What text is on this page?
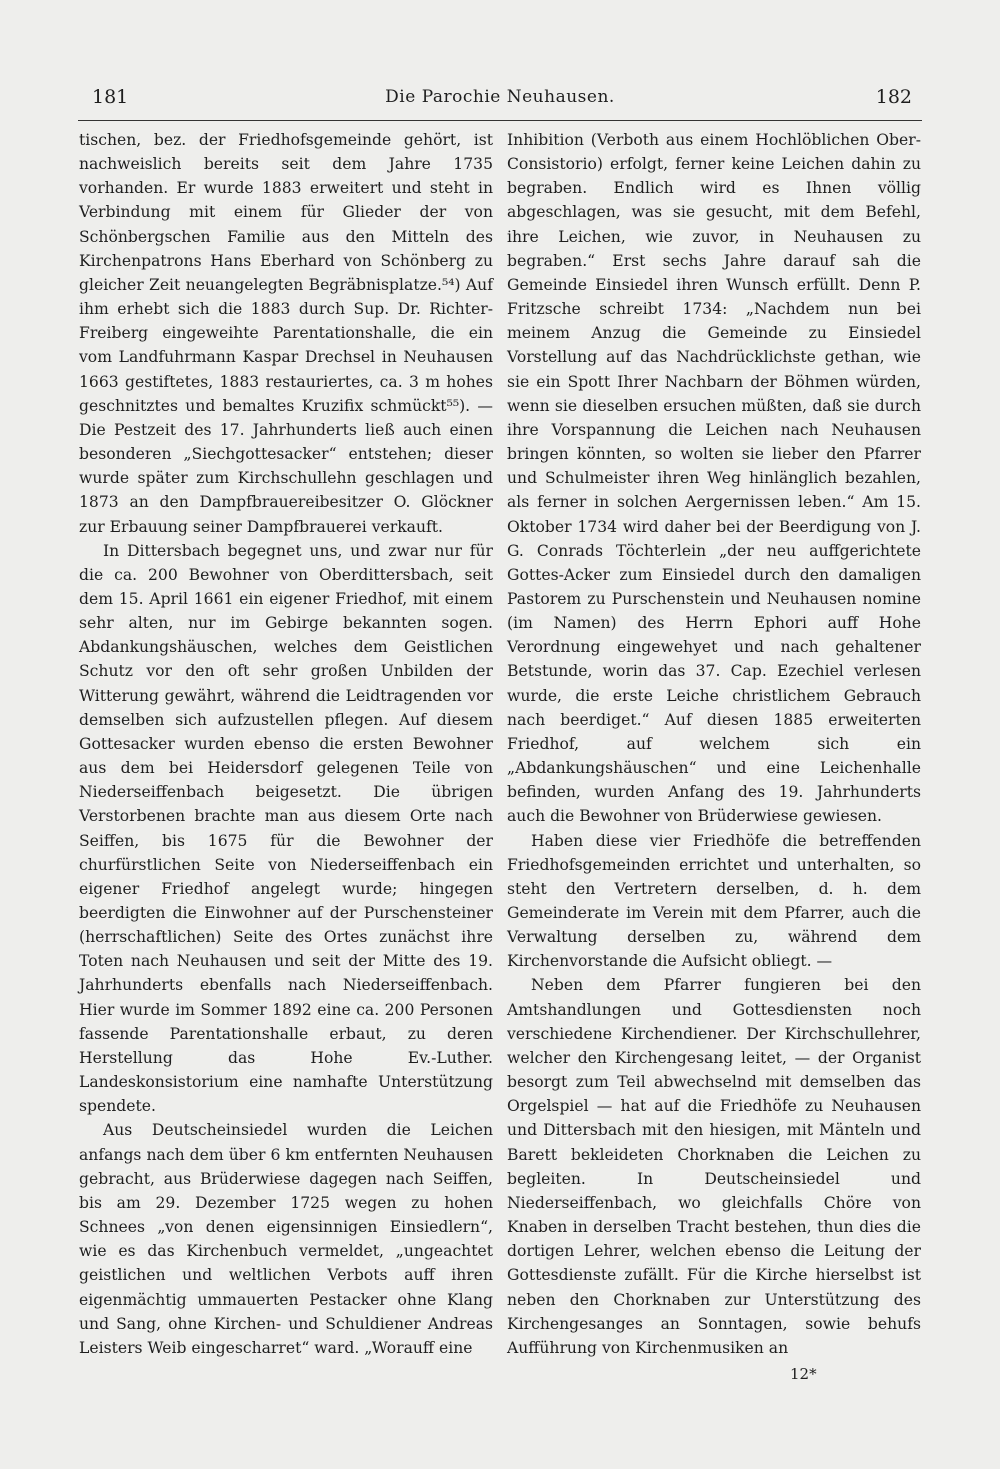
181	Die Parochie Neuhausen.	182

tischen, bez. der Friedhofsgemeinde gehört, ist nachweislich bereits seit dem Jahre 1735 vorhanden. Er wurde 1883 erweitert und steht in Verbindung mit einem für Glieder der von Schönbergschen Familie aus den Mitteln des Kirchenpatrons Hans Eberhard von Schönberg zu gleicher Zeit neuangelegten Begräbnisplatze.⁵⁴) Auf ihm erhebt sich die 1883 durch Sup. Dr. Richter-Freiberg eingeweihte Parentationshalle, die ein vom Landfuhrmann Kaspar Drechsel in Neuhausen 1663 gestiftetes, 1883 restauriertes, ca. 3 m hohes geschnitztes und bemaltes Kruzifix schmückt⁵⁵). — Die Pestzeit des 17. Jahrhunderts ließ auch einen besonderen „Siechgottesacker“ entstehen; dieser wurde später zum Kirchschullehn geschlagen und 1873 an den Dampfbrauereibesitzer O. Glöckner zur Erbauung seiner Dampfbrauerei verkauft.

In Dittersbach begegnet uns, und zwar nur für die ca. 200 Bewohner von Oberdittersbach, seit dem 15. April 1661 ein eigener Friedhof, mit einem sehr alten, nur im Gebirge bekannten sogen. Abdankungshäuschen, welches dem Geistlichen Schutz vor den oft sehr großen Unbilden der Witterung gewährt, während die Leidtragenden vor demselben sich aufzustellen pflegen. Auf diesem Gottesacker wurden ebenso die ersten Bewohner aus dem bei Heidersdorf gelegenen Teile von Niederseiffenbach beigesetzt. Die übrigen Verstorbenen brachte man aus diesem Orte nach Seiffen, bis 1675 für die Bewohner der churfürstlichen Seite von Niederseiffenbach ein eigener Friedhof angelegt wurde; hingegen beerdigten die Einwohner auf der Purschensteiner (herrschaftlichen) Seite des Ortes zunächst ihre Toten nach Neuhausen und seit der Mitte des 19. Jahrhunderts ebenfalls nach Niederseiffenbach. Hier wurde im Sommer 1892 eine ca. 200 Personen fassende Parentationshalle erbaut, zu deren Herstellung das Hohe Ev.-Luther. Landeskonsistorium eine namhafte Unterstützung spendete.

Aus Deutscheinsiedel wurden die Leichen anfangs nach dem über 6 km entfernten Neuhausen gebracht, aus Brüderwiese dagegen nach Seiffen, bis am 29. Dezember 1725 wegen zu hohen Schnees „von denen eigensinnigen Einsiedlern“, wie es das Kirchenbuch vermeldet, „ungeachtet geistlichen und weltlichen Verbots auff ihren eigenmächtig ummauerten Pestacker ohne Klang und Sang, ohne Kirchen- und Schuldiener Andreas Leisters Weib eingescharret“ ward. „Worauff eine

Inhibition (Verboth aus einem Hochlöblichen Ober-Consistorio) erfolgt, ferner keine Leichen dahin zu begraben. Endlich wird es Ihnen völlig abgeschlagen, was sie gesucht, mit dem Befehl, ihre Leichen, wie zuvor, in Neuhausen zu begraben.“ Erst sechs Jahre darauf sah die Gemeinde Einsiedel ihren Wunsch erfüllt. Denn P. Fritzsche schreibt 1734: „Nachdem nun bei meinem Anzug die Gemeinde zu Einsiedel Vorstellung auf das Nachdrücklichste gethan, wie sie ein Spott Ihrer Nachbarn der Böhmen würden, wenn sie dieselben ersuchen müßten, daß sie durch ihre Vorspannung die Leichen nach Neuhausen bringen könnten, so wolten sie lieber den Pfarrer und Schulmeister ihren Weg hinlänglich bezahlen, als ferner in solchen Aergernissen leben.“ Am 15. Oktober 1734 wird daher bei der Beerdigung von J. G. Conrads Töchterlein „der neu auffgerichtete Gottes-Acker zum Einsiedel durch den damaligen Pastorem zu Purschenstein und Neuhausen nomine (im Namen) des Herrn Ephori auff Hohe Verordnung eingewehyet und nach gehaltener Betstunde, worin das 37. Cap. Ezechiel verlesen wurde, die erste Leiche christlichem Gebrauch nach beerdiget.“ Auf diesen 1885 erweiterten Friedhof, auf welchem sich ein „Abdankungshäuschen“ und eine Leichenhalle befinden, wurden Anfang des 19. Jahrhunderts auch die Bewohner von Brüderwiese gewiesen.

Haben diese vier Friedhöfe die betreffenden Friedhofsgemeinden errichtet und unterhalten, so steht den Vertretern derselben, d. h. dem Gemeinderate im Verein mit dem Pfarrer, auch die Verwaltung derselben zu, während dem Kirchenvorstande die Aufsicht obliegt. —

Neben dem Pfarrer fungieren bei den Amtshandlungen und Gottesdiensten noch verschiedene Kirchendiener. Der Kirchschullehrer, welcher den Kirchengesang leitet, — der Organist besorgt zum Teil abwechselnd mit demselben das Orgelspiel — hat auf die Friedhöfe zu Neuhausen und Dittersbach mit den hiesigen, mit Mänteln und Barett bekleideten Chorknaben die Leichen zu begleiten. In Deutscheinsiedel und Niederseiffenbach, wo gleichfalls Chöre von Knaben in derselben Tracht bestehen, thun dies die dortigen Lehrer, welchen ebenso die Leitung der Gottesdienste zufällt. Für die Kirche hierselbst ist neben den Chorknaben zur Unterstützung des Kirchengesanges an Sonntagen, sowie behufs Aufführung von Kirchenmusiken an

12*
